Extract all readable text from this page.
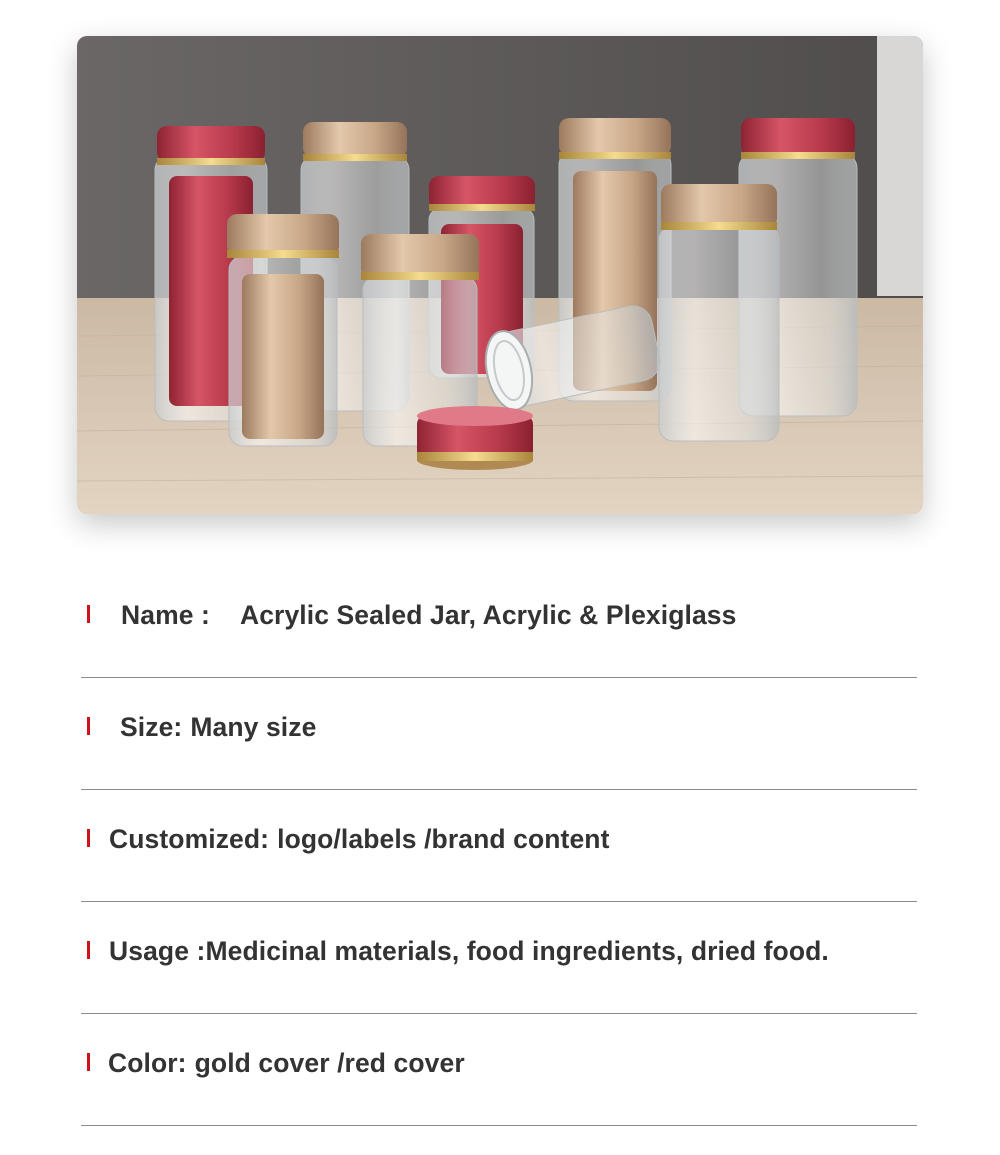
Name : Acrylic Sealed Jar, Acrylic & Plexiglass
Size: Many size
Customized: logo/labels /brand content
Usage :Medicinal materials, food ingredients, dried food.
Color: gold cover /red cover
